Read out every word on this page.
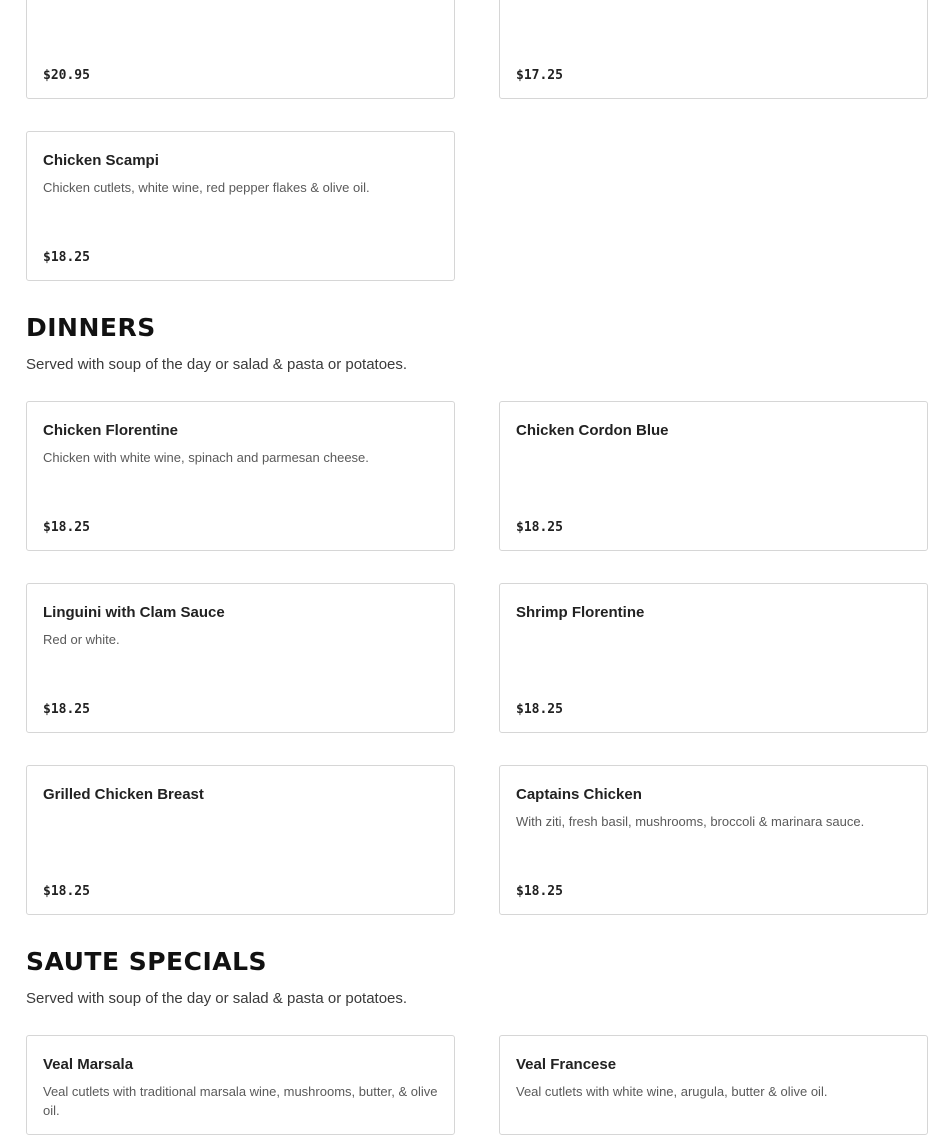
$20.95	$17.25
Chicken Scampi
Chicken cutlets, white wine, red pepper flakes & olive oil.
$18.25
DINNERS
Served with soup of the day or salad & pasta or potatoes.
Chicken Florentine
Chicken with white wine, spinach and parmesan cheese.
$18.25
Chicken Cordon Blue
$18.25
Linguini with Clam Sauce
Red or white.
$18.25
Shrimp Florentine
$18.25
Grilled Chicken Breast
$18.25
Captains Chicken
With ziti, fresh basil, mushrooms, broccoli & marinara sauce.
$18.25
SAUTE SPECIALS
Served with soup of the day or salad & pasta or potatoes.
Veal Marsala
Veal cutlets with traditional marsala wine, mushrooms, butter, & olive oil.
Veal Francese
Veal cutlets with white wine, arugula, butter & olive oil.
